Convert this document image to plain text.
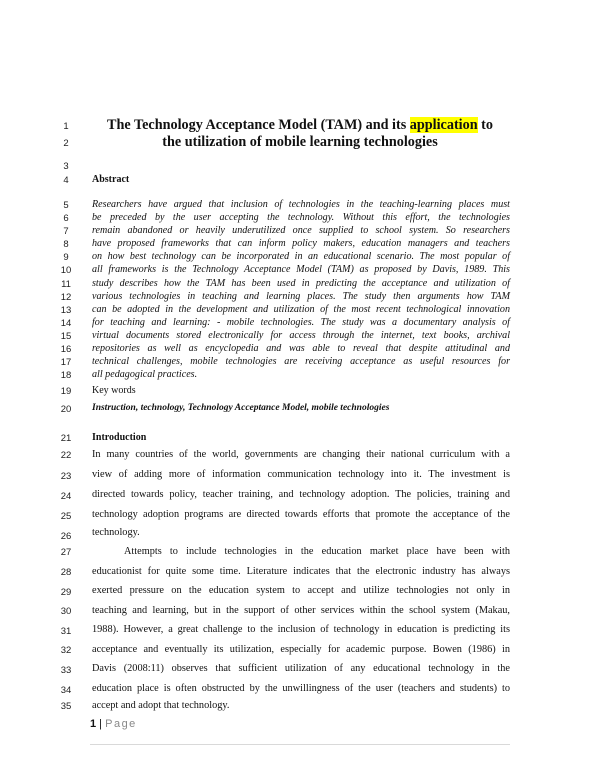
1
2
3
4
5
6
7
8
9
10
11
12
13
14
15
16
17
18
19
20
21
22
23
24
25
26
27
28
29
30
31
32
33
34
35
The Technology Acceptance Model (TAM) and its application to
the utilization of mobile learning technologies
Abstract
Researchers have argued that inclusion of technologies in the teaching-learning places must
be preceded by the user accepting the technology. Without this effort, the technologies
remain abandoned or heavily underutilized once supplied to school system. So researchers
have proposed frameworks that can inform policy makers, education managers and teachers
on how best technology can be incorporated in an educational scenario. The most popular of
all frameworks is the Technology Acceptance Model (TAM) as proposed by Davis, 1989. This
study describes how the TAM has been used in predicting the acceptance and utilization of
various technologies in teaching and learning places. The study then arguments how TAM
can be adopted in the development and utilization of the most recent technological innovation
for teaching and learning: - mobile technologies. The study was a documentary analysis of
virtual documents stored electronically for access through the internet, text books, archival
repositories as well as encyclopedia and was able to reveal that despite attitudinal and
technical challenges, mobile technologies are receiving acceptance as useful resources for
all pedagogical practices.
Key words
Instruction, technology, Technology Acceptance Model, mobile technologies
Introduction
In many countries of the world, governments are changing their national curriculum with a
view of adding more of information communication technology into it. The investment is
directed towards policy, teacher training, and technology adoption. The policies, training and
technology adoption programs are directed towards efforts that promote the acceptance of the
technology.
Attempts to include technologies in the education market place have been with
educationist for quite some time. Literature indicates that the electronic industry has always
exerted pressure on the education system to accept and utilize technologies not only in
teaching and learning, but in the support of other services within the school system (Makau,
1988). However, a great challenge to the inclusion of technology in education is predicting its
acceptance and eventually its utilization, especially for academic purpose. Bowen (1986) in
Davis (2008:11) observes that sufficient utilization of any educational technology in the
education place is often obstructed by the unwillingness of the user (teachers and students) to
accept and adopt that technology.
1 | Page
